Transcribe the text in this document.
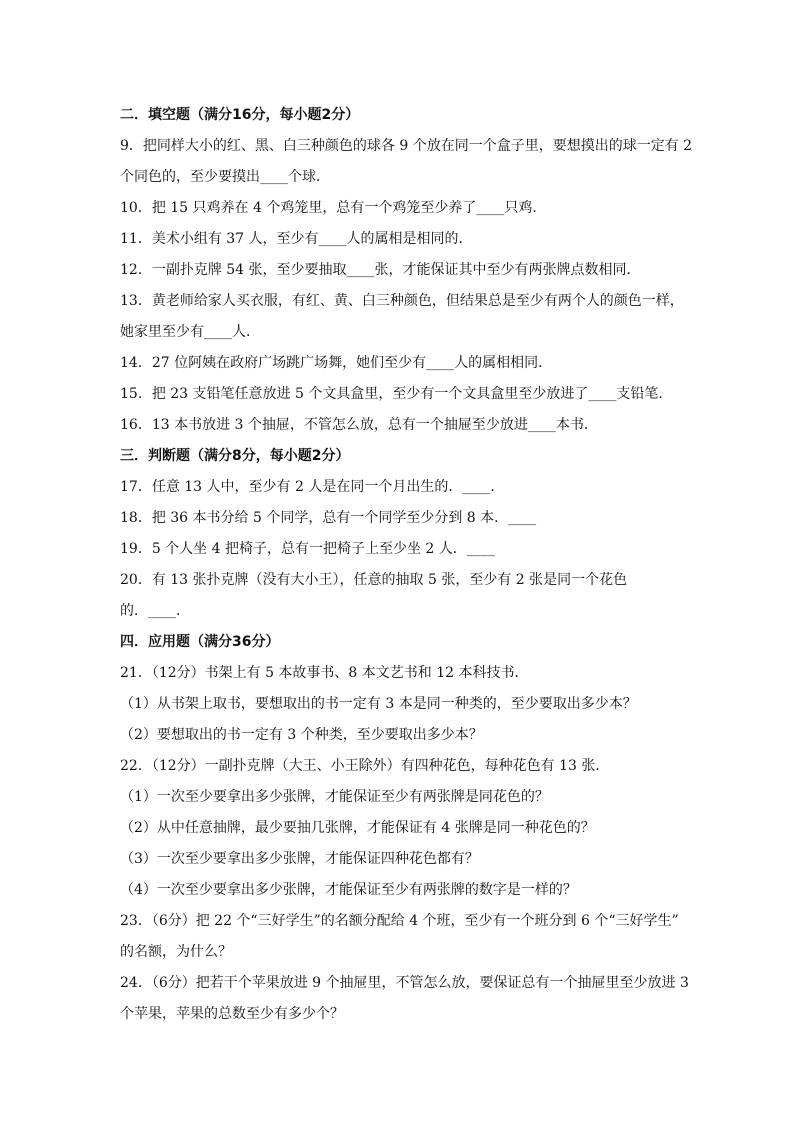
二．填空题（满分16分，每小题2分）

9．把同样大小的红、黑、白三种颜色的球各 9 个放在同一个盒子里，要想摸出的球一定有 2

个同色的，至少要摸出____个球．

10．把 15 只鸡养在 4 个鸡笼里，总有一个鸡笼至少养了____只鸡．

11．美术小组有 37 人，至少有____人的属相是相同的．

12．一副扑克牌 54 张，至少要抽取____张，才能保证其中至少有两张牌点数相同．

13．黄老师给家人买衣服，有红、黄、白三种颜色，但结果总是至少有两个人的颜色一样，

她家里至少有____人．

14．27 位阿姨在政府广场跳广场舞，她们至少有____人的属相相同．

15．把 23 支铅笔任意放进 5 个文具盒里，至少有一个文具盒里至少放进了____支铅笔．

16．13 本书放进 3 个抽屉，不管怎么放，总有一个抽屉至少放进____本书．

三．判断题（满分8分，每小题2分）

17．任意 13 人中，至少有 2 人是在同一个月出生的．____．

18．把 36 本书分给 5 个同学，总有一个同学至少分到 8 本．____

19．5 个人坐 4 把椅子，总有一把椅子上至少坐 2 人．____

20．有 13 张扑克牌（没有大小王），任意的抽取 5 张，至少有 2 张是同一个花色

的．____．

四．应用题（满分36分）

21．（12分）书架上有 5 本故事书、8 本文艺书和 12 本科技书．

（1）从书架上取书，要想取出的书一定有 3 本是同一种类的，至少要取出多少本？

（2）要想取出的书一定有 3 个种类，至少要取出多少本？

22．（12分）一副扑克牌（大王、小王除外）有四种花色，每种花色有 13 张．

（1）一次至少要拿出多少张牌，才能保证至少有两张牌是同花色的？

（2）从中任意抽牌，最少要抽几张牌，才能保证有 4 张牌是同一种花色的？

（3）一次至少要拿出多少张牌，才能保证四种花色都有？

（4）一次至少要拿出多少张牌，才能保证至少有两张牌的数字是一样的？

23．（6分）把 22 个“三好学生”的名额分配给 4 个班，至少有一个班分到 6 个“三好学生”

的名额，为什么？

24．（6分）把若干个苹果放进 9 个抽屉里，不管怎么放，要保证总有一个抽屉里至少放进 3

个苹果，苹果的总数至少有多少个？
